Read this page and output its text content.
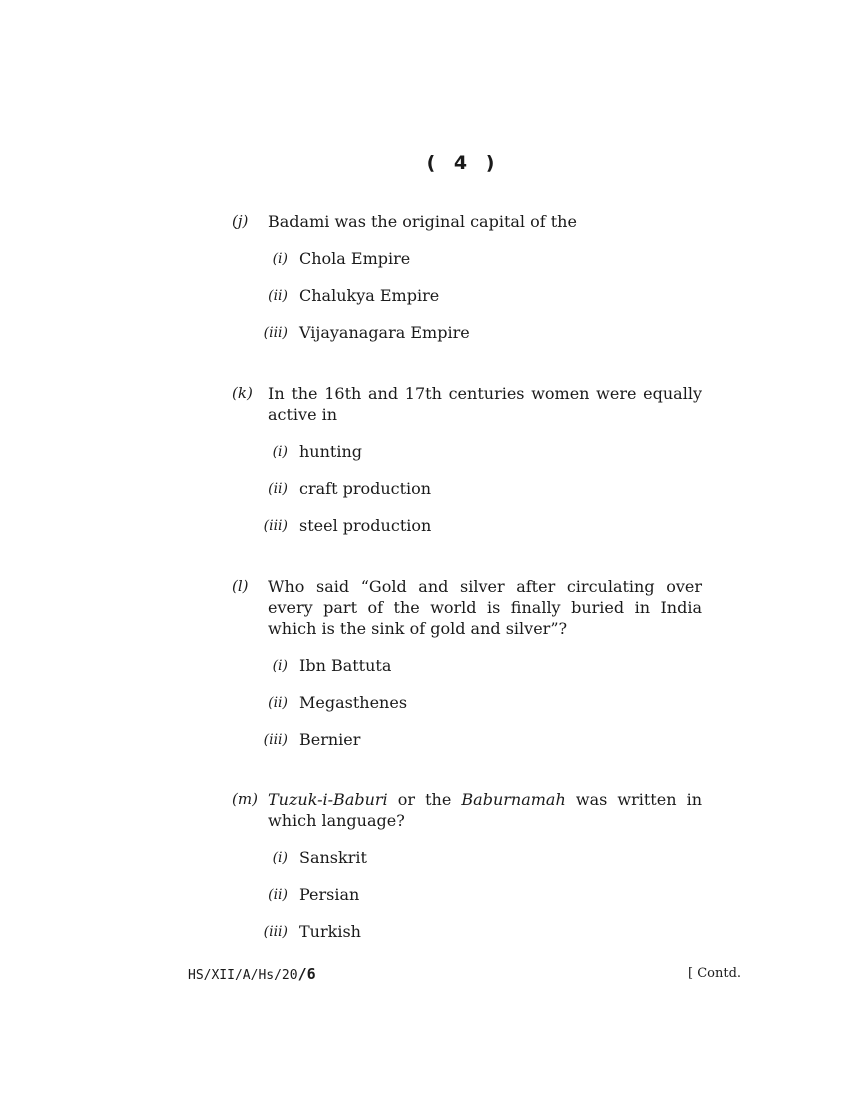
( 4 )
(j) Badami was the original capital of the
(i) Chola Empire
(ii) Chalukya Empire
(iii) Vijayanagara Empire
(k) In the 16th and 17th centuries women were equally active in
(i) hunting
(ii) craft production
(iii) steel production
(l) Who said “Gold and silver after circulating over every part of the world is finally buried in India which is the sink of gold and silver”?
(i) Ibn Battuta
(ii) Megasthenes
(iii) Bernier
(m) Tuzuk-i-Baburi or the Baburnamah was written in which language?
(i) Sanskrit
(ii) Persian
(iii) Turkish
HS/XII/A/Hs/20/6	[ Contd.
